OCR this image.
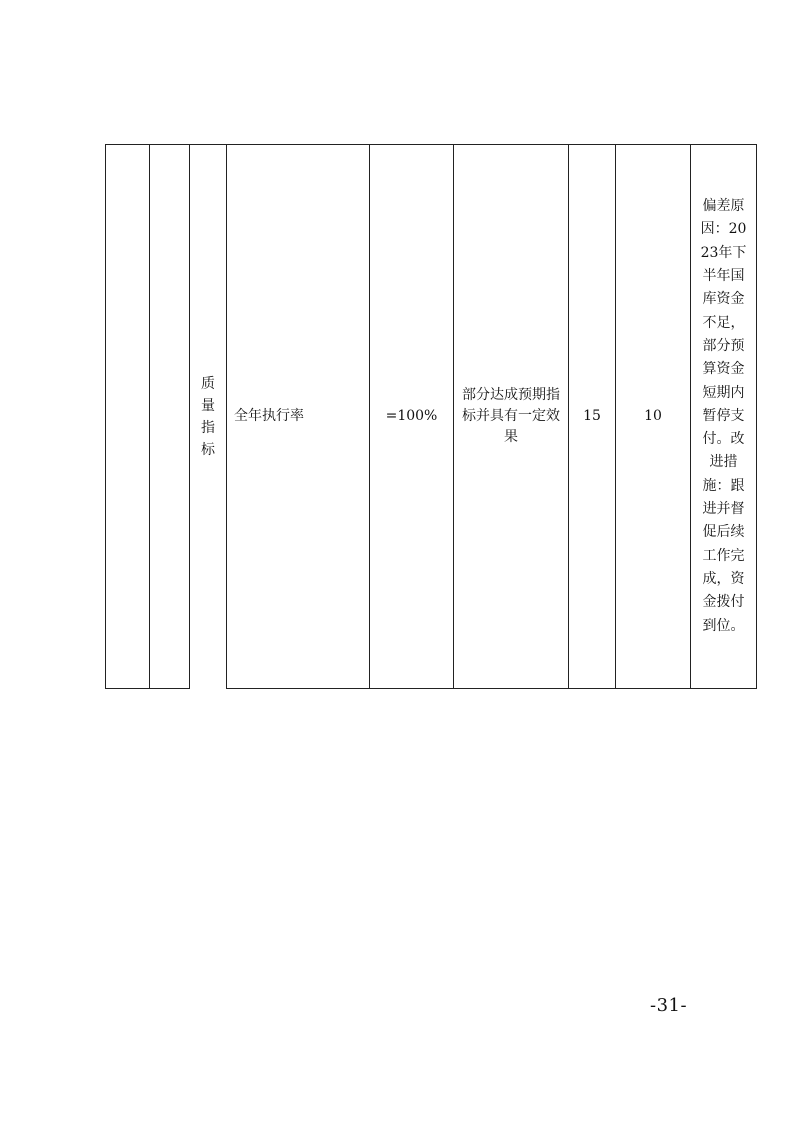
质量指标
全年执行率	=100%
部分达成预期指标并具有一定效果
15	10
偏差原因：2023年下半年国库资金不足，部分预算资金短期内暂停支付。改进措施：跟进并督促后续工作完成，资金拨付到位。
-31-
